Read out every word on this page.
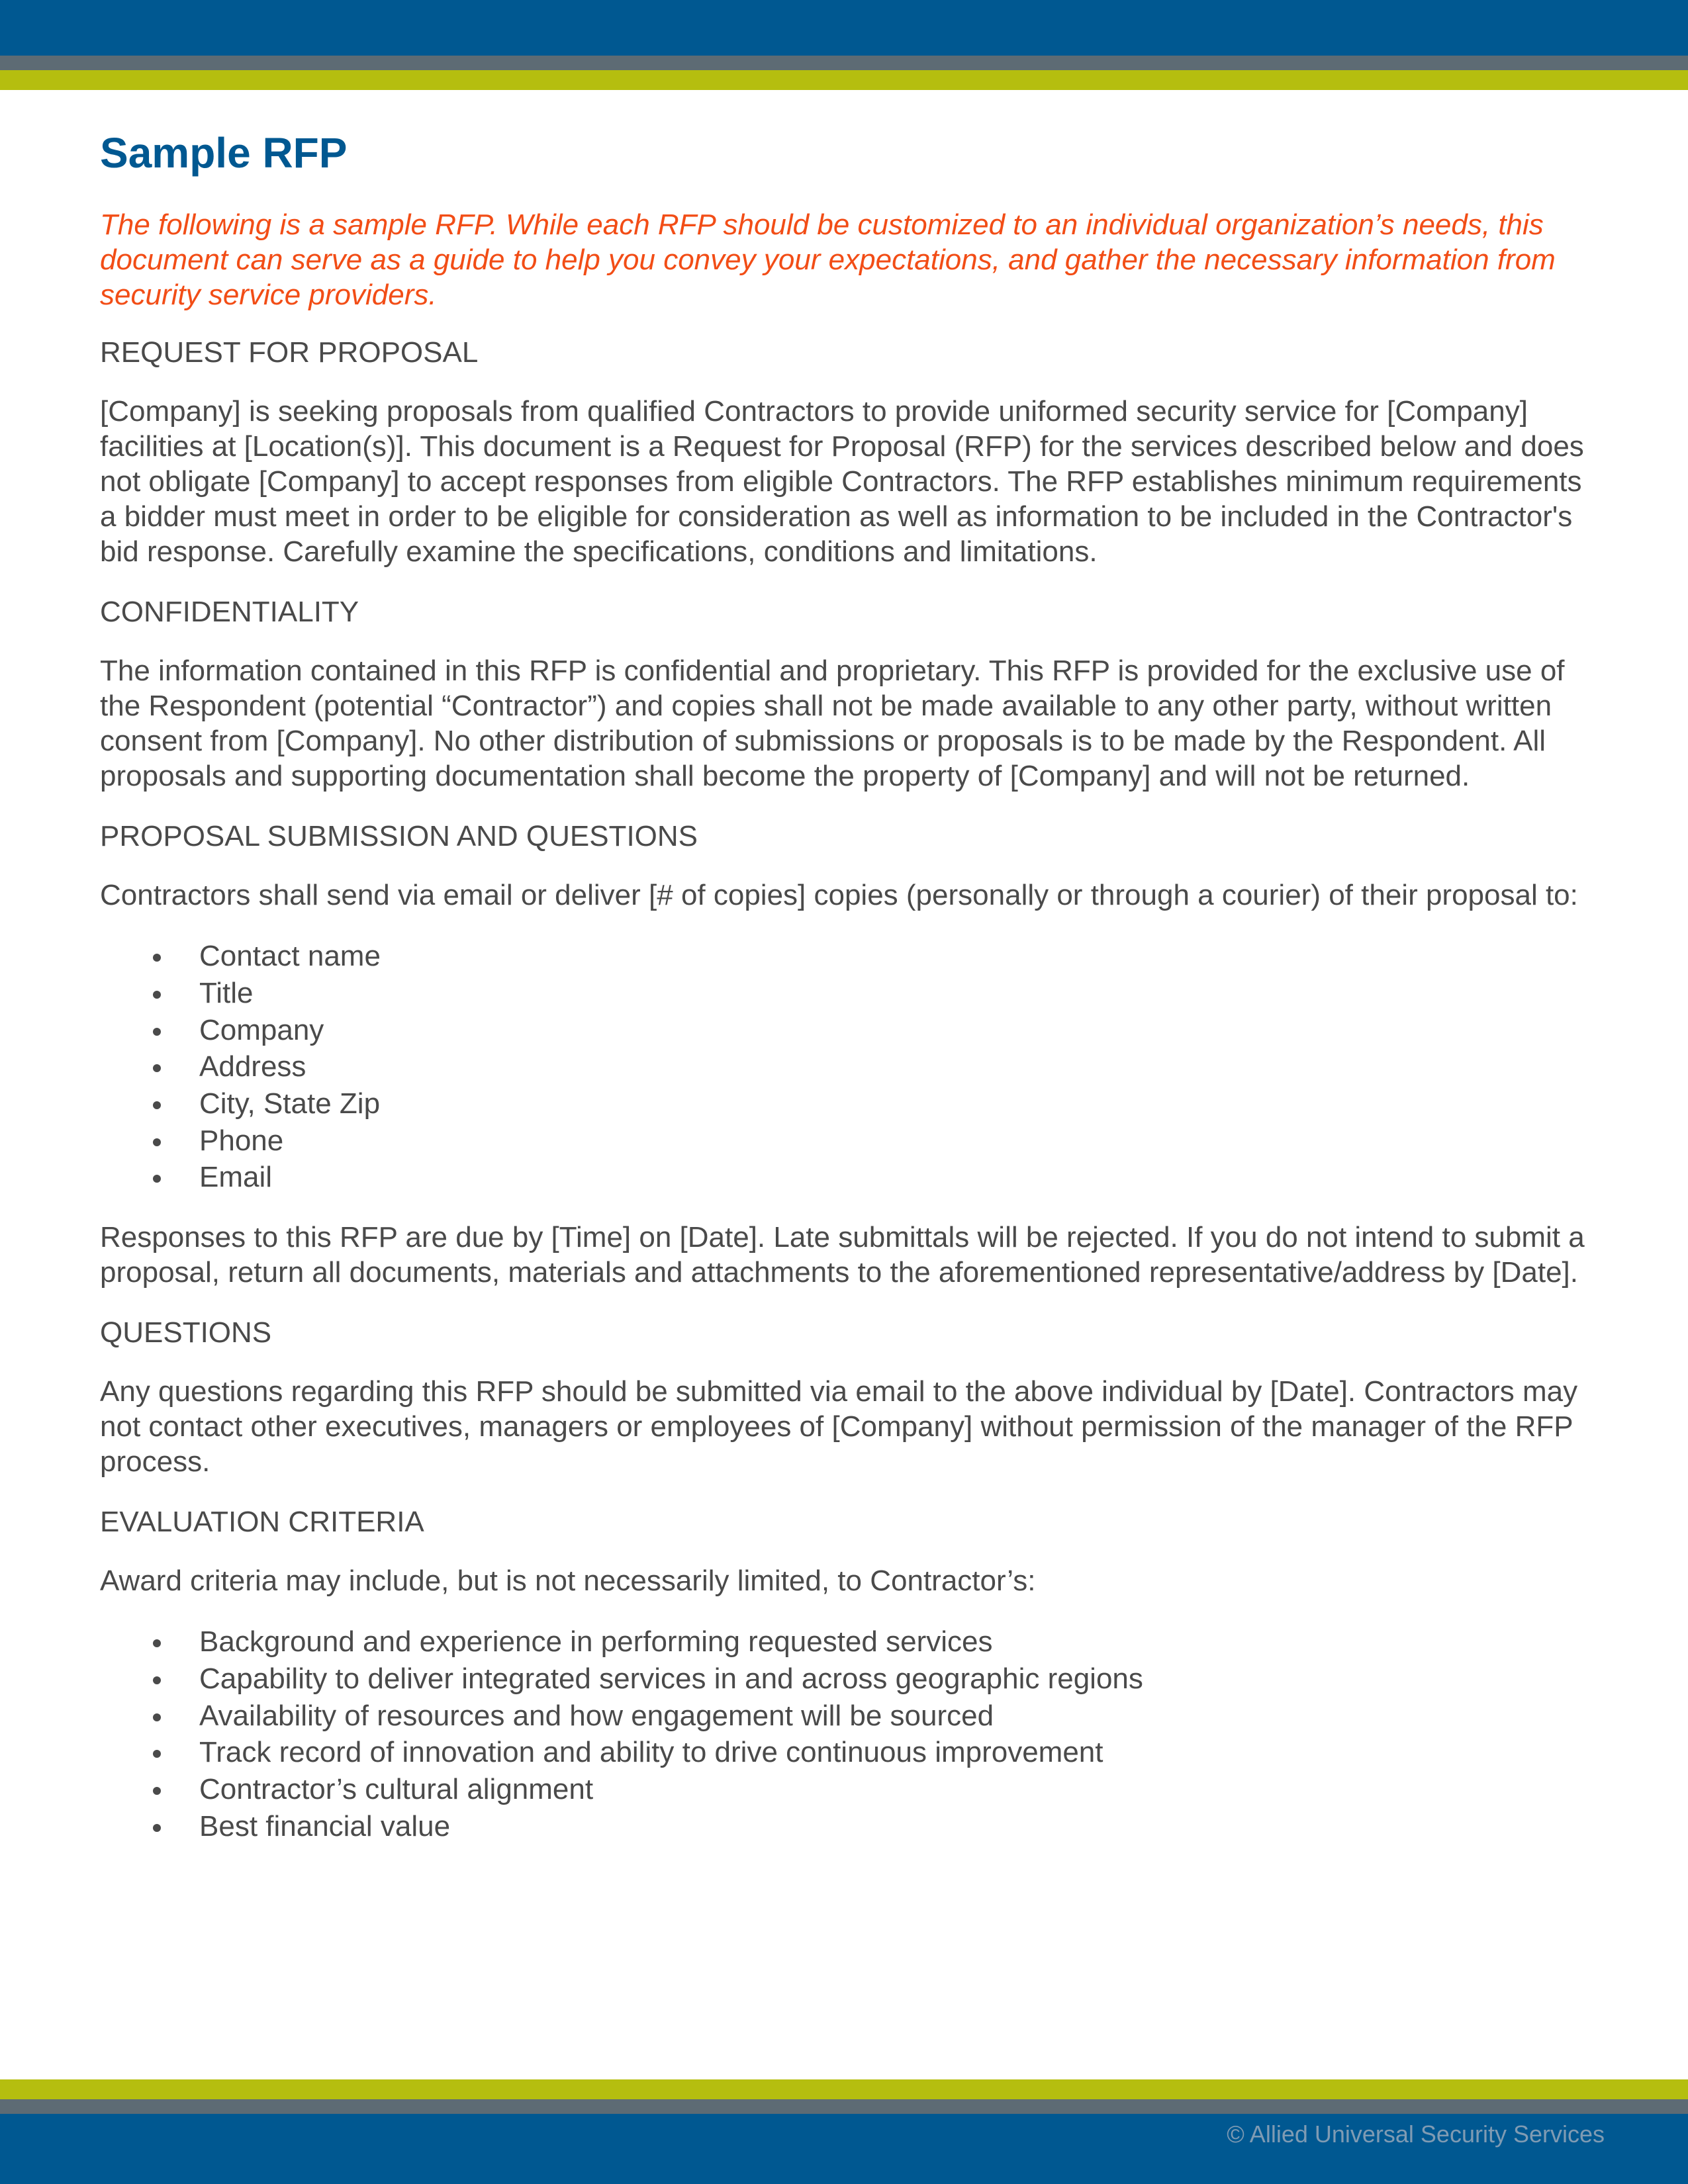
Sample RFP

The following is a sample RFP. While each RFP should be customized to an individual organization’s needs, this document can serve as a guide to help you convey your expectations, and gather the necessary information from security service providers.

REQUEST FOR PROPOSAL

[Company] is seeking proposals from qualified Contractors to provide uniformed security service for [Company] facilities at [Location(s)]. This document is a Request for Proposal (RFP) for the services described below and does not obligate [Company] to accept responses from eligible Contractors. The RFP establishes minimum requirements a bidder must meet in order to be eligible for consideration as well as information to be included in the Contractor's bid response. Carefully examine the specifications, conditions and limitations.

CONFIDENTIALITY

The information contained in this RFP is confidential and proprietary. This RFP is provided for the exclusive use of the Respondent (potential “Contractor”) and copies shall not be made available to any other party, without written consent from [Company]. No other distribution of submissions or proposals is to be made by the Respondent. All proposals and supporting documentation shall become the property of [Company] and will not be returned.

PROPOSAL SUBMISSION AND QUESTIONS

Contractors shall send via email or deliver [# of copies] copies (personally or through a courier) of their proposal to:

Contact name
Title
Company
Address
City, State Zip
Phone
Email

Responses to this RFP are due by [Time] on [Date]. Late submittals will be rejected. If you do not intend to submit a proposal, return all documents, materials and attachments to the aforementioned representative/address by [Date].

QUESTIONS

Any questions regarding this RFP should be submitted via email to the above individual by [Date]. Contractors may not contact other executives, managers or employees of [Company] without permission of the manager of the RFP process.

EVALUATION CRITERIA

Award criteria may include, but is not necessarily limited, to Contractor’s:

Background and experience in performing requested services
Capability to deliver integrated services in and across geographic regions
Availability of resources and how engagement will be sourced
Track record of innovation and ability to drive continuous improvement
Contractor’s cultural alignment
Best financial value
© Allied Universal Security Services
